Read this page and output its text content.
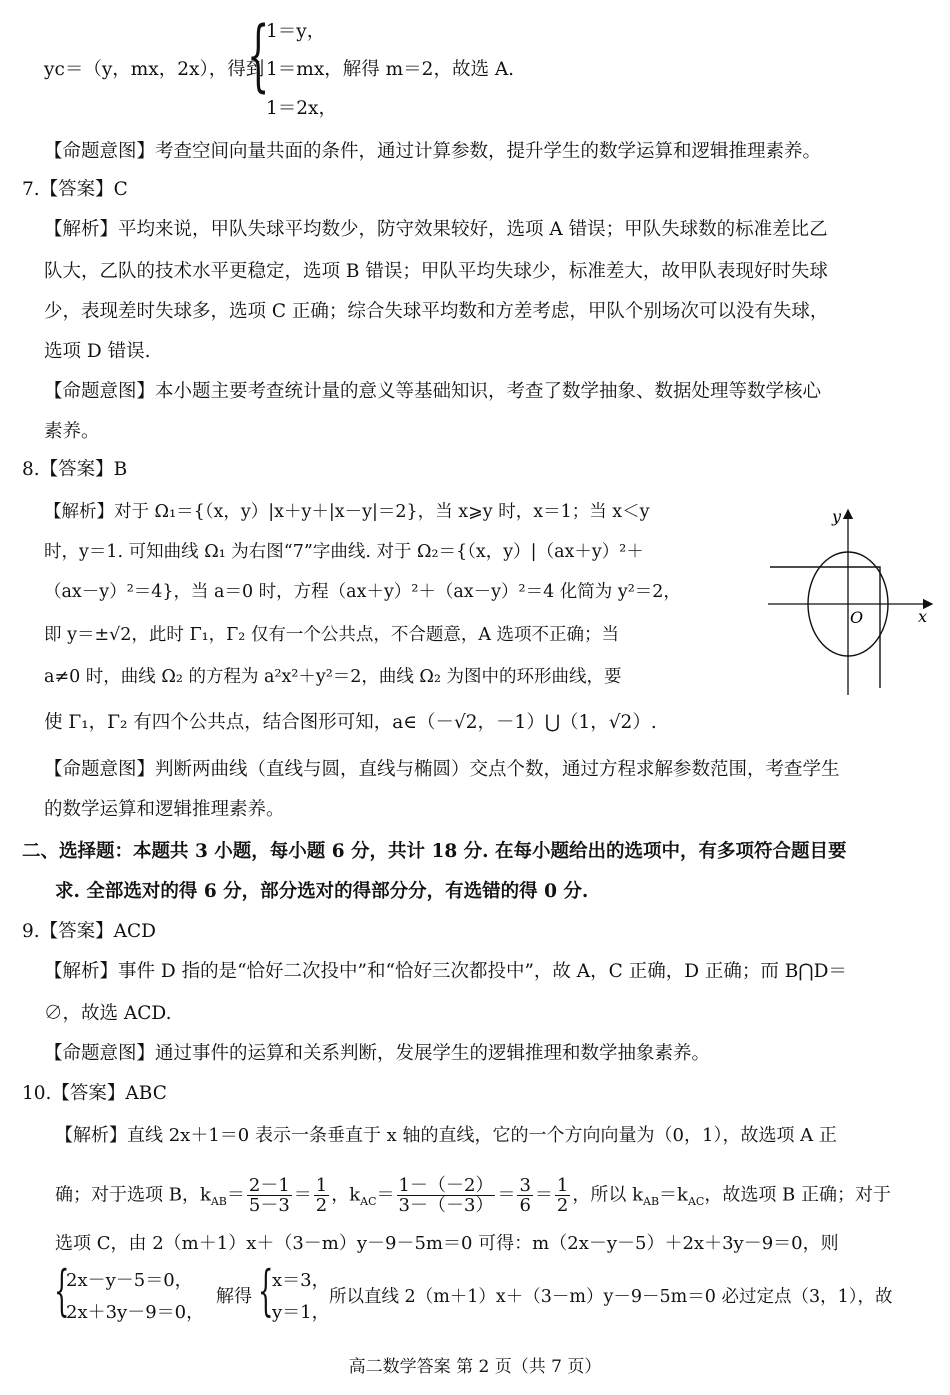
yc＝（y，mx，2x），得到
{
1＝y，
1＝mx，解得 m＝2，故选 A.
1＝2x，
【命题意图】考查空间向量共面的条件，通过计算参数，提升学生的数学运算和逻辑推理素养。
7.【答案】C
【解析】平均来说，甲队失球平均数少，防守效果较好，选项 A 错误；甲队失球数的标准差比乙
队大，乙队的技术水平更稳定，选项 B 错误；甲队平均失球少，标准差大，故甲队表现好时失球
少，表现差时失球多，选项 C 正确；综合失球平均数和方差考虑，甲队个别场次可以没有失球，
选项 D 错误.
【命题意图】本小题主要考查统计量的意义等基础知识，考查了数学抽象、数据处理等数学核心
素养。
8.【答案】B
【解析】对于 Ω₁＝{（x，y）|x＋y＋|x－y|＝2}，当 x⩾y 时，x＝1；当 x＜y
时，y＝1. 可知曲线 Ω₁ 为右图“7”字曲线. 对于 Ω₂＝{（x，y）|（ax＋y）²＋
（ax－y）²＝4}，当 a＝0 时，方程（ax＋y）²＋（ax－y）²＝4 化简为 y²＝2，
即 y＝±√2，此时 Γ₁，Γ₂ 仅有一个公共点，不合题意，A 选项不正确；当
a≠0 时，曲线 Ω₂ 的方程为 a²x²＋y²＝2，曲线 Ω₂ 为图中的环形曲线，要
使 Γ₁，Γ₂ 有四个公共点，结合图形可知，a∈（－√2，－1）⋃（1，√2）.
【命题意图】判断两曲线（直线与圆，直线与椭圆）交点个数，通过方程求解参数范围，考查学生
的数学运算和逻辑推理素养。
y
x
O
二、选择题：本题共 3 小题，每小题 6 分，共计 18 分. 在每小题给出的选项中，有多项符合题目要
求. 全部选对的得 6 分，部分选对的得部分分，有选错的得 0 分.
9.【答案】ACD
【解析】事件 D 指的是“恰好二次投中”和“恰好三次都投中”，故 A，C 正确，D 正确；而 B⋂D＝
∅，故选 ACD.
【命题意图】通过事件的运算和关系判断，发展学生的逻辑推理和数学抽象素养。
10.【答案】ABC
【解析】直线 2x＋1＝0 表示一条垂直于 x 轴的直线，它的一个方向向量为（0，1），故选项 A 正
确；对于选项 B，$k_{AB}= \frac{2-1}{5-3} = \frac{1}{2}$ ，$k_{AC}= \frac{1-(-2)}{3-(-3)} = \frac{3}{6} = \frac{1}{2}$ ，所以 $k_{AB}=k_{AC}$，故选项 B 正确；对于
选项 C，由 2（m＋1）x＋（3－m）y－9－5m＝0 可得：m（2x－y－5）＋2x＋3y－9＝0，则
{
2x－y－5＝0，
2x＋3y－9＝0，
解得 {
x＝3，
y＝1，
所以直线 2（m＋1）x＋（3－m）y－9－5m＝0 必过定点（3，1），故
高二数学答案 第 2 页（共 7 页）
